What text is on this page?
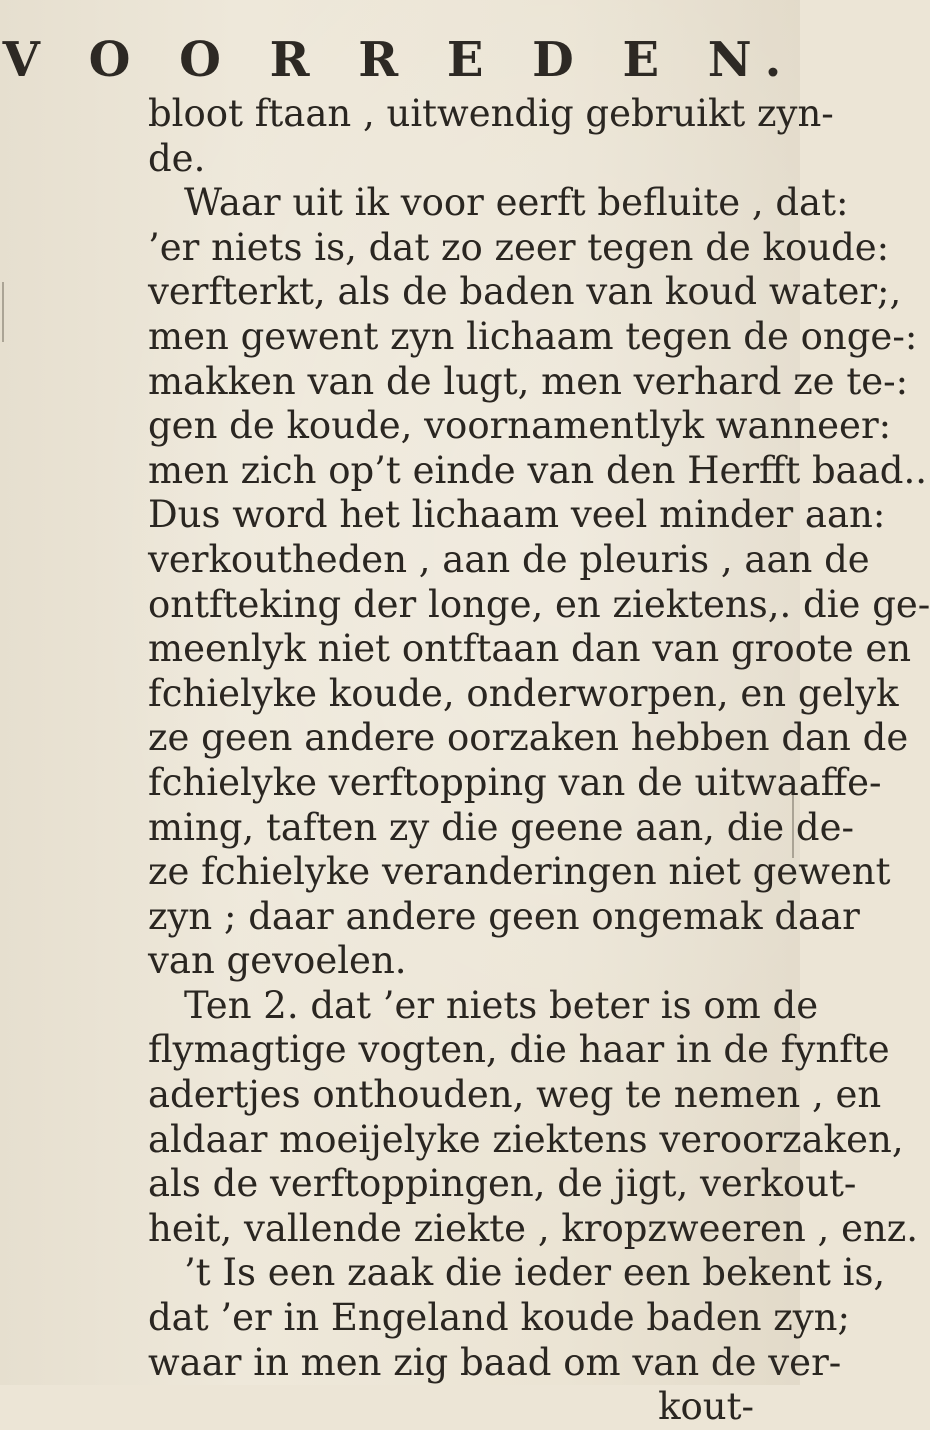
V O O R R E D E N.
bloot ftaan , uitwendig gebruikt zyn-
de.
Waar uit ik voor eerft befluite , dat:
’er niets is, dat zo zeer tegen de koude:
verfterkt, als de baden van koud water;,
men gewent zyn lichaam tegen de onge-:
makken van de lugt, men verhard ze te-:
gen de koude, voornamentlyk wanneer:
men zich op’t einde van den Herfft baad..
Dus word het lichaam veel minder aan:
verkoutheden , aan de pleuris , aan de
ontfteking der longe, en ziektens,. die ge-
meenlyk niet ontftaan dan van groote en
fchielyke koude, onderworpen, en gelyk
ze geen andere oorzaken hebben dan de
fchielyke verftopping van de uitwaaffe-
ming, taften zy die geene aan, die de-
ze fchielyke veranderingen niet gewent
zyn ; daar andere geen ongemak daar
van gevoelen.
Ten 2. dat ’er niets beter is om de
flymagtige vogten, die haar in de fynfte
adertjes onthouden, weg te nemen , en
aldaar moeijelyke ziektens veroorzaken,
als de verftoppingen, de jigt, verkout-
heit, vallende ziekte , kropzweeren , enz.
’t Is een zaak die ieder een bekent is,
dat ’er in Engeland koude baden zyn;
waar in men zig baad om van de ver-
kout-
